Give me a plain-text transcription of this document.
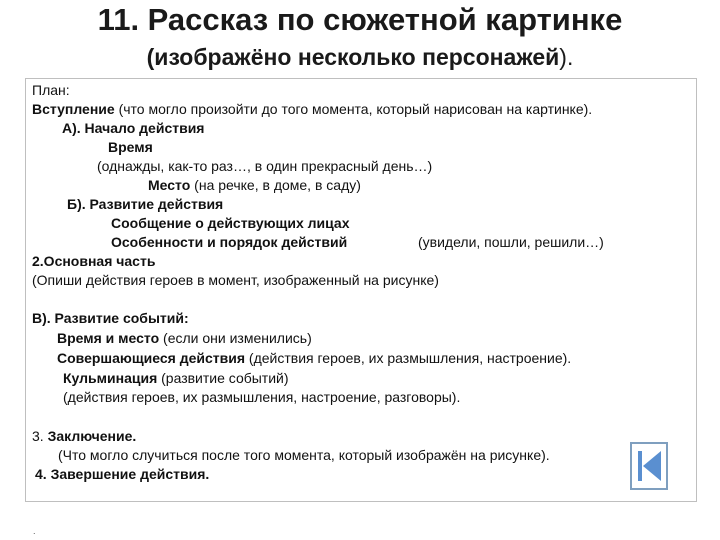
11. Рассказ по сюжетной картинке
(изображёно несколько персонажей).
План:
Вступление (что могло произойти до того момента, который нарисован на картинке).
А). Начало действия
Время
(однажды, как-то раз…, в один прекрасный день…)
Место (на речке, в доме, в саду)
Б). Развитие действия
Сообщение о действующих лицах
Особенности и порядок действий	(увидели, пошли, решили…)
2.Основная часть
(Опиши действия героев в момент, изображенный на рисунке)
В). Развитие событий:
Время и место (если они изменились)
Совершающиеся действия (действия героев, их размышления, настроение).
Кульминация (развитие событий)
(действия героев, их размышления, настроение, разговоры).
3. Заключение.
(Что могло случиться после того момента, который изображён на рисунке).
4. Завершение действия.
.
